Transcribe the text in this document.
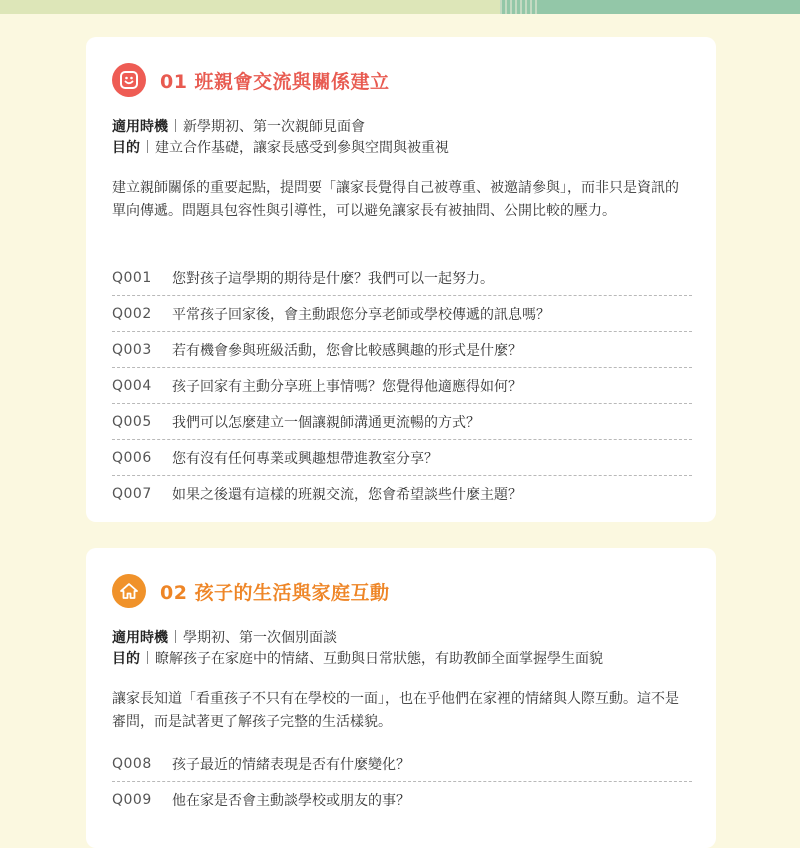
01 班親會交流與關係建立
適用時機 新學期初、第一次親師見面會
目的 建立合作基礎，讓家長感受到參與空間與被重視
建立親師關係的重要起點，提問要「讓家長覺得自己被尊重、被邀請參與」，而非只是資訊的單向傳遞。問題具包容性與引導性，可以避免讓家長有被抽問、公開比較的壓力。
Q001	您對孩子這學期的期待是什麼？我們可以一起努力。
Q002	平常孩子回家後，會主動跟您分享老師或學校傳遞的訊息嗎？
Q003	若有機會參與班級活動，您會比較感興趣的形式是什麼？
Q004	孩子回家有主動分享班上事情嗎？您覺得他適應得如何？
Q005	我們可以怎麼建立一個讓親師溝通更流暢的方式？
Q006	您有沒有任何專業或興趣想帶進教室分享？
Q007	如果之後還有這樣的班親交流，您會希望談些什麼主題？
02 孩子的生活與家庭互動
適用時機 學期初、第一次個別面談
目的 瞭解孩子在家庭中的情緒、互動與日常狀態，有助教師全面掌握學生面貌
讓家長知道「看重孩子不只有在學校的一面」，也在乎他們在家裡的情緒與人際互動。這不是審問，而是試著更了解孩子完整的生活樣貌。
Q008	孩子最近的情緒表現是否有什麼變化？
Q009	他在家是否會主動談學校或朋友的事？
